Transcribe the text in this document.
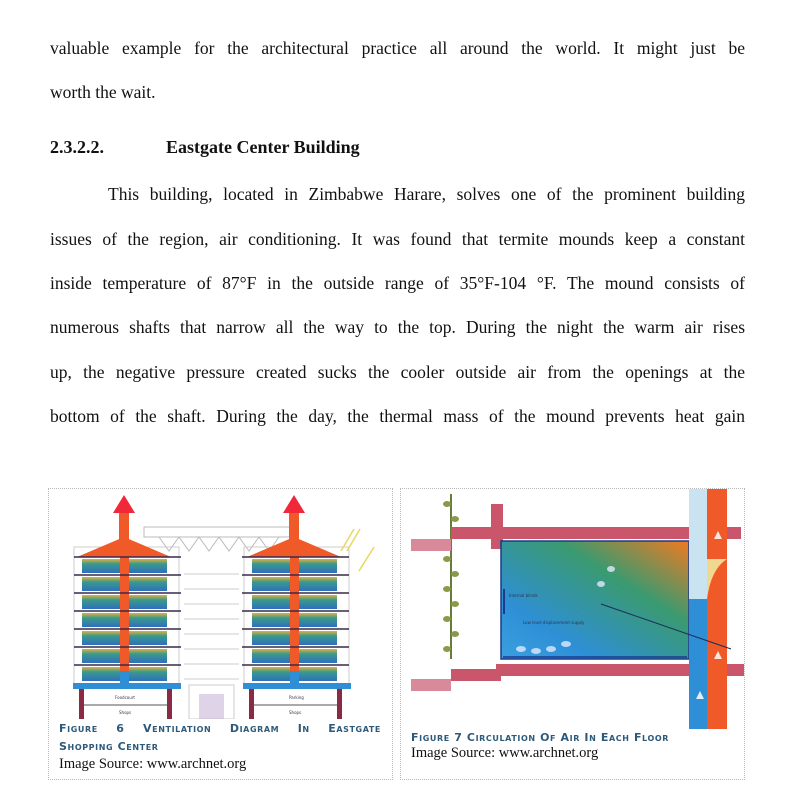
valuable example for the architectural practice all around the world. It might just be
worth the wait.
2.3.2.2.	Eastgate Center Building
This building, located in Zimbabwe Harare, solves one of the prominent building
issues of the region, air conditioning. It was found that termite mounds keep a constant
inside temperature of 87°F in the outside range of 35°F-104 °F. The mound consists of
numerous shafts that narrow all the way to the top. During the night the warm air rises
up, the negative pressure created sucks the cooler outside air from the openings at the
bottom of the shaft. During the day, the thermal mass of the mound prevents heat gain
Foodcourt
Shops
Parking
Shops
Figure 6 Ventilation Diagram In Eastgate
Shopping Center
Image Source: www.archnet.org
Internal blinds
Low level displacement supply
Figure 7 Circulation Of Air In Each Floor
Image Source: www.archnet.org
